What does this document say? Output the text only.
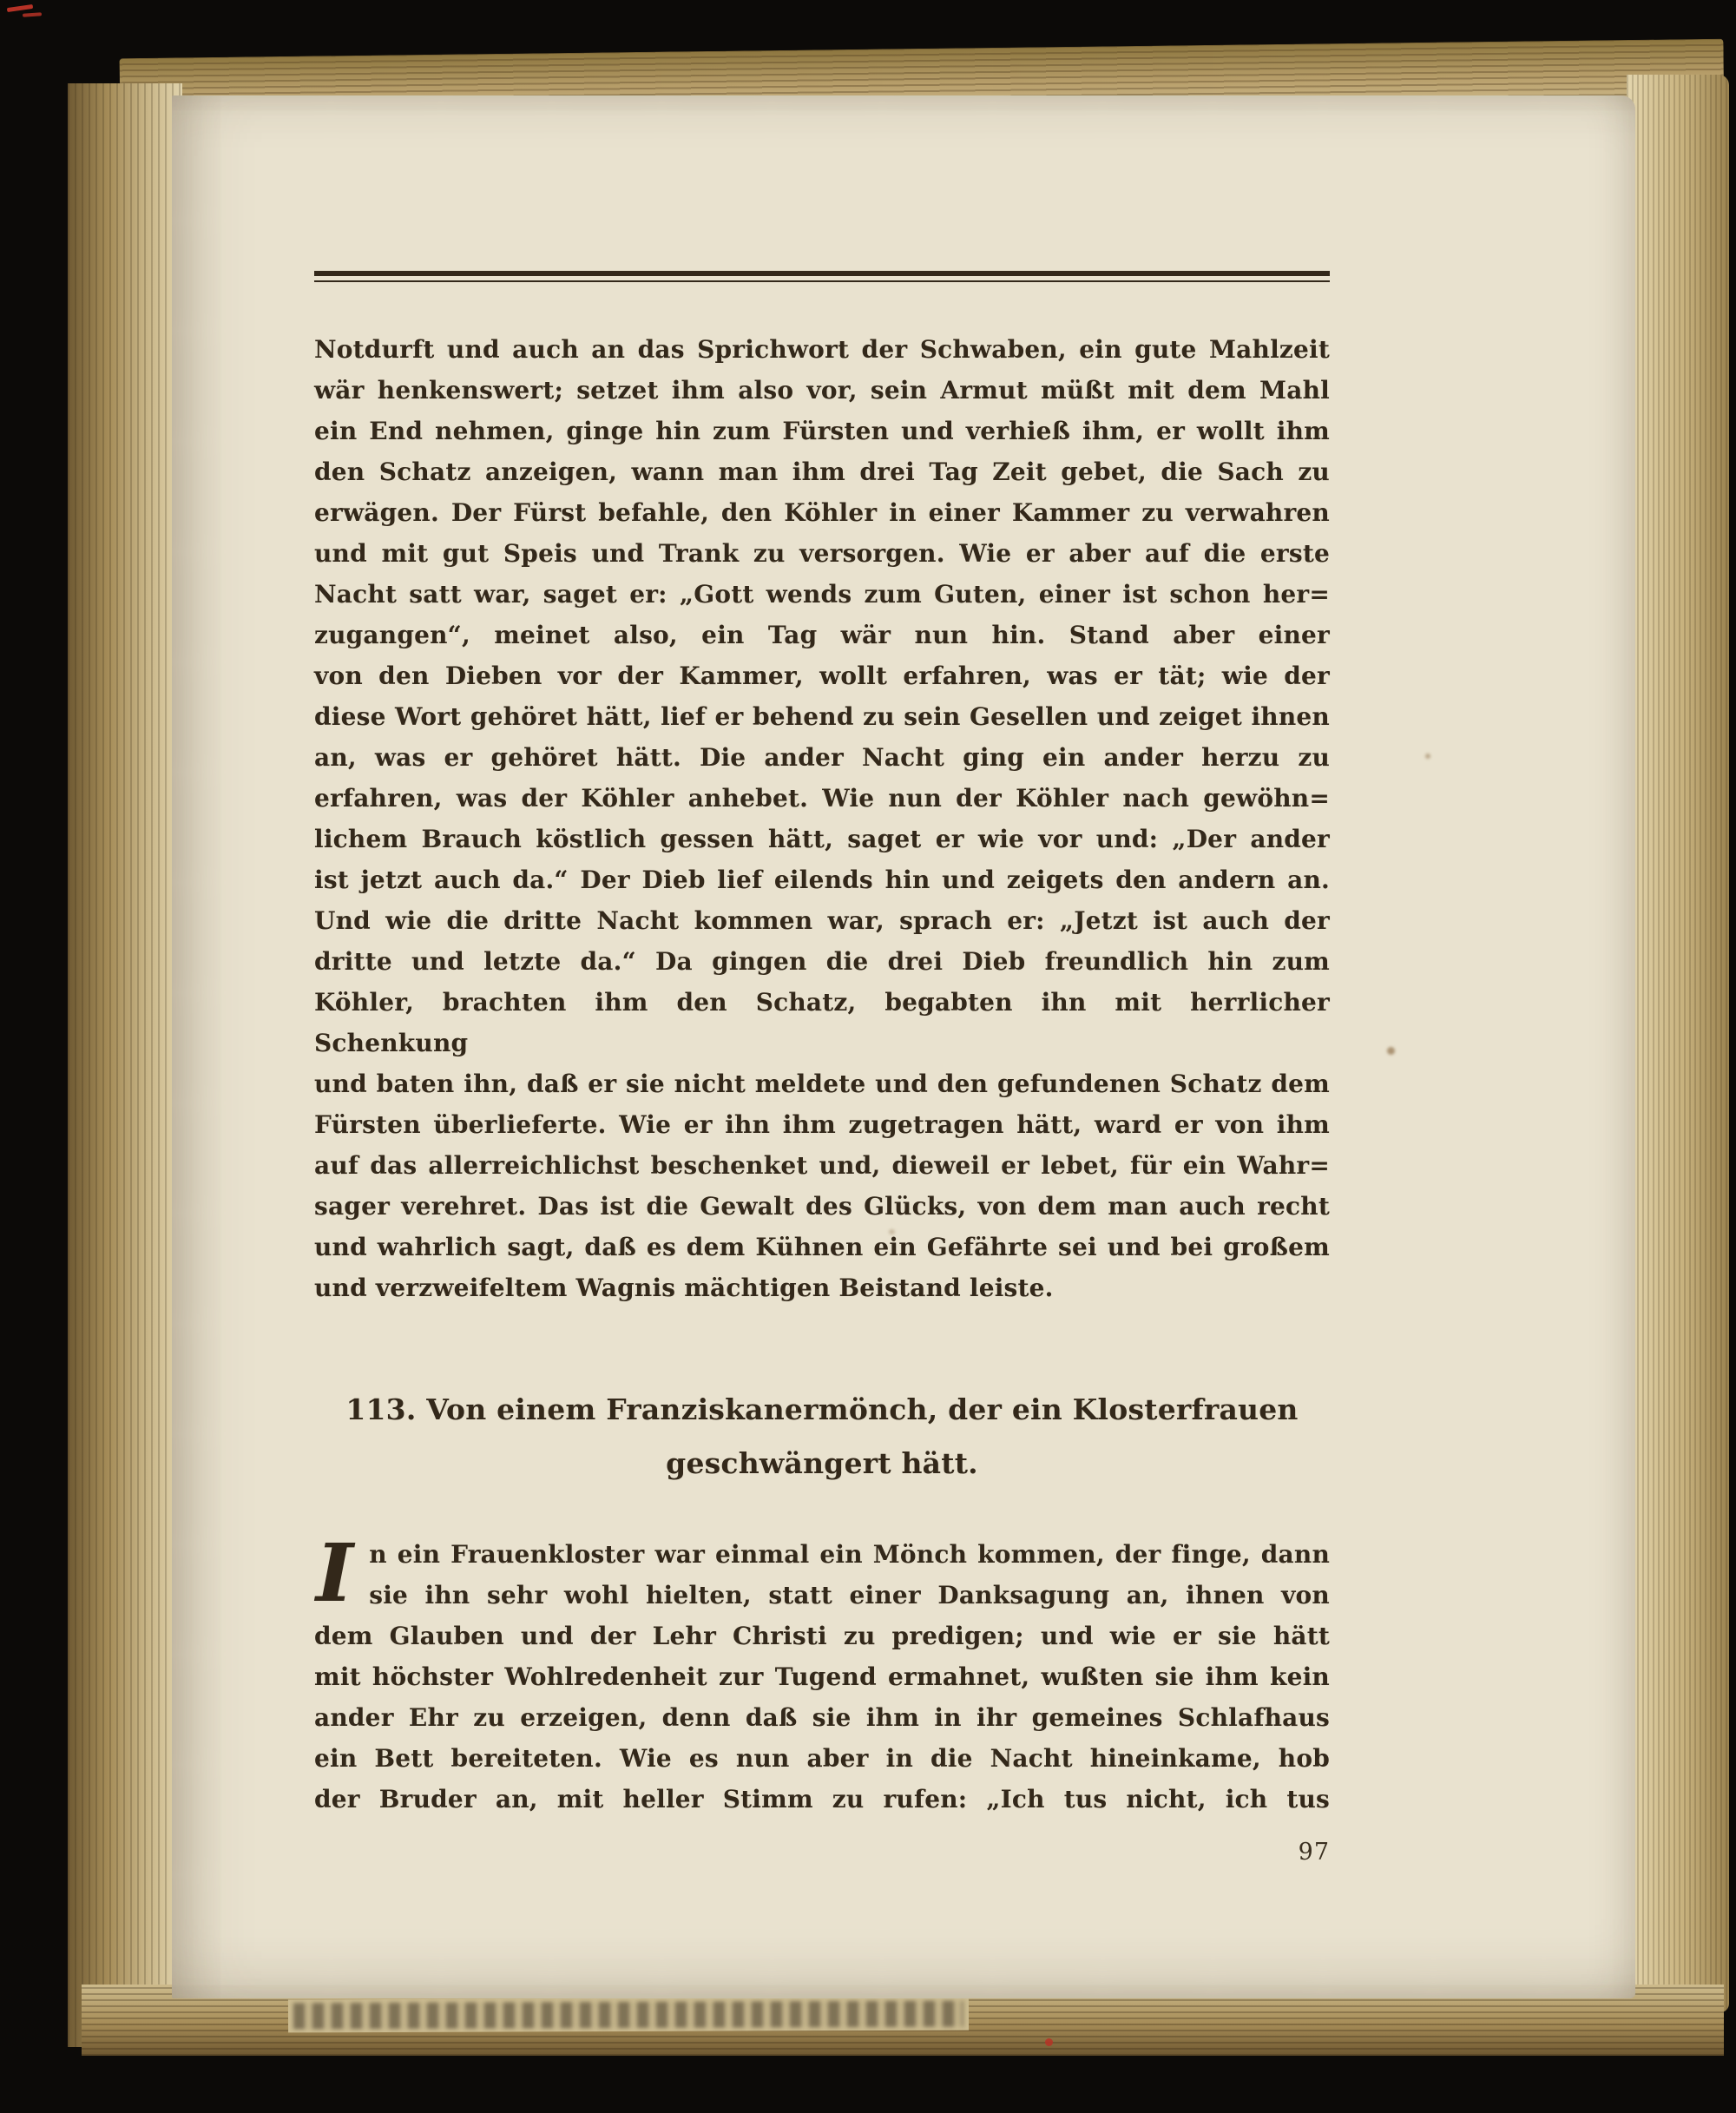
Notdurft und auch an das Sprichwort der Schwaben, ein gute Mahlzeit
wär henkenswert; setzet ihm also vor, sein Armut müßt mit dem Mahl
ein End nehmen, ginge hin zum Fürsten und verhieß ihm, er wollt ihm
den Schatz anzeigen, wann man ihm drei Tag Zeit gebet, die Sach zu
erwägen. Der Fürst befahle, den Köhler in einer Kammer zu verwahren
und mit gut Speis und Trank zu versorgen. Wie er aber auf die erste
Nacht satt war, saget er: „Gott wends zum Guten, einer ist schon her=
zugangen“, meinet also, ein Tag wär nun hin. Stand aber einer
von den Dieben vor der Kammer, wollt erfahren, was er tät; wie der
diese Wort gehöret hätt, lief er behend zu sein Gesellen und zeiget ihnen
an, was er gehöret hätt. Die ander Nacht ging ein ander herzu zu
erfahren, was der Köhler anhebet. Wie nun der Köhler nach gewöhn=
lichem Brauch köstlich gessen hätt, saget er wie vor und: „Der ander
ist jetzt auch da.“ Der Dieb lief eilends hin und zeigets den andern an.
Und wie die dritte Nacht kommen war, sprach er: „Jetzt ist auch der
dritte und letzte da.“ Da gingen die drei Dieb freundlich hin zum
Köhler, brachten ihm den Schatz, begabten ihn mit herrlicher Schenkung
und baten ihn, daß er sie nicht meldete und den gefundenen Schatz dem
Fürsten überlieferte. Wie er ihn ihm zugetragen hätt, ward er von ihm
auf das allerreichlichst beschenket und, dieweil er lebet, für ein Wahr=
sager verehret. Das ist die Gewalt des Glücks, von dem man auch recht
und wahrlich sagt, daß es dem Kühnen ein Gefährte sei und bei großem
und verzweifeltem Wagnis mächtigen Beistand leiste.
113. Von einem Franziskanermönch, der ein Klosterfrauen
geschwängert hätt.
I n ein Frauenkloster war einmal ein Mönch kommen, der finge, dann
sie ihn sehr wohl hielten, statt einer Danksagung an, ihnen von
dem Glauben und der Lehr Christi zu predigen; und wie er sie hätt
mit höchster Wohlredenheit zur Tugend ermahnet, wußten sie ihm kein
ander Ehr zu erzeigen, denn daß sie ihm in ihr gemeines Schlafhaus
ein Bett bereiteten. Wie es nun aber in die Nacht hineinkame, hob
der Bruder an, mit heller Stimm zu rufen: „Ich tus nicht, ich tus
97
